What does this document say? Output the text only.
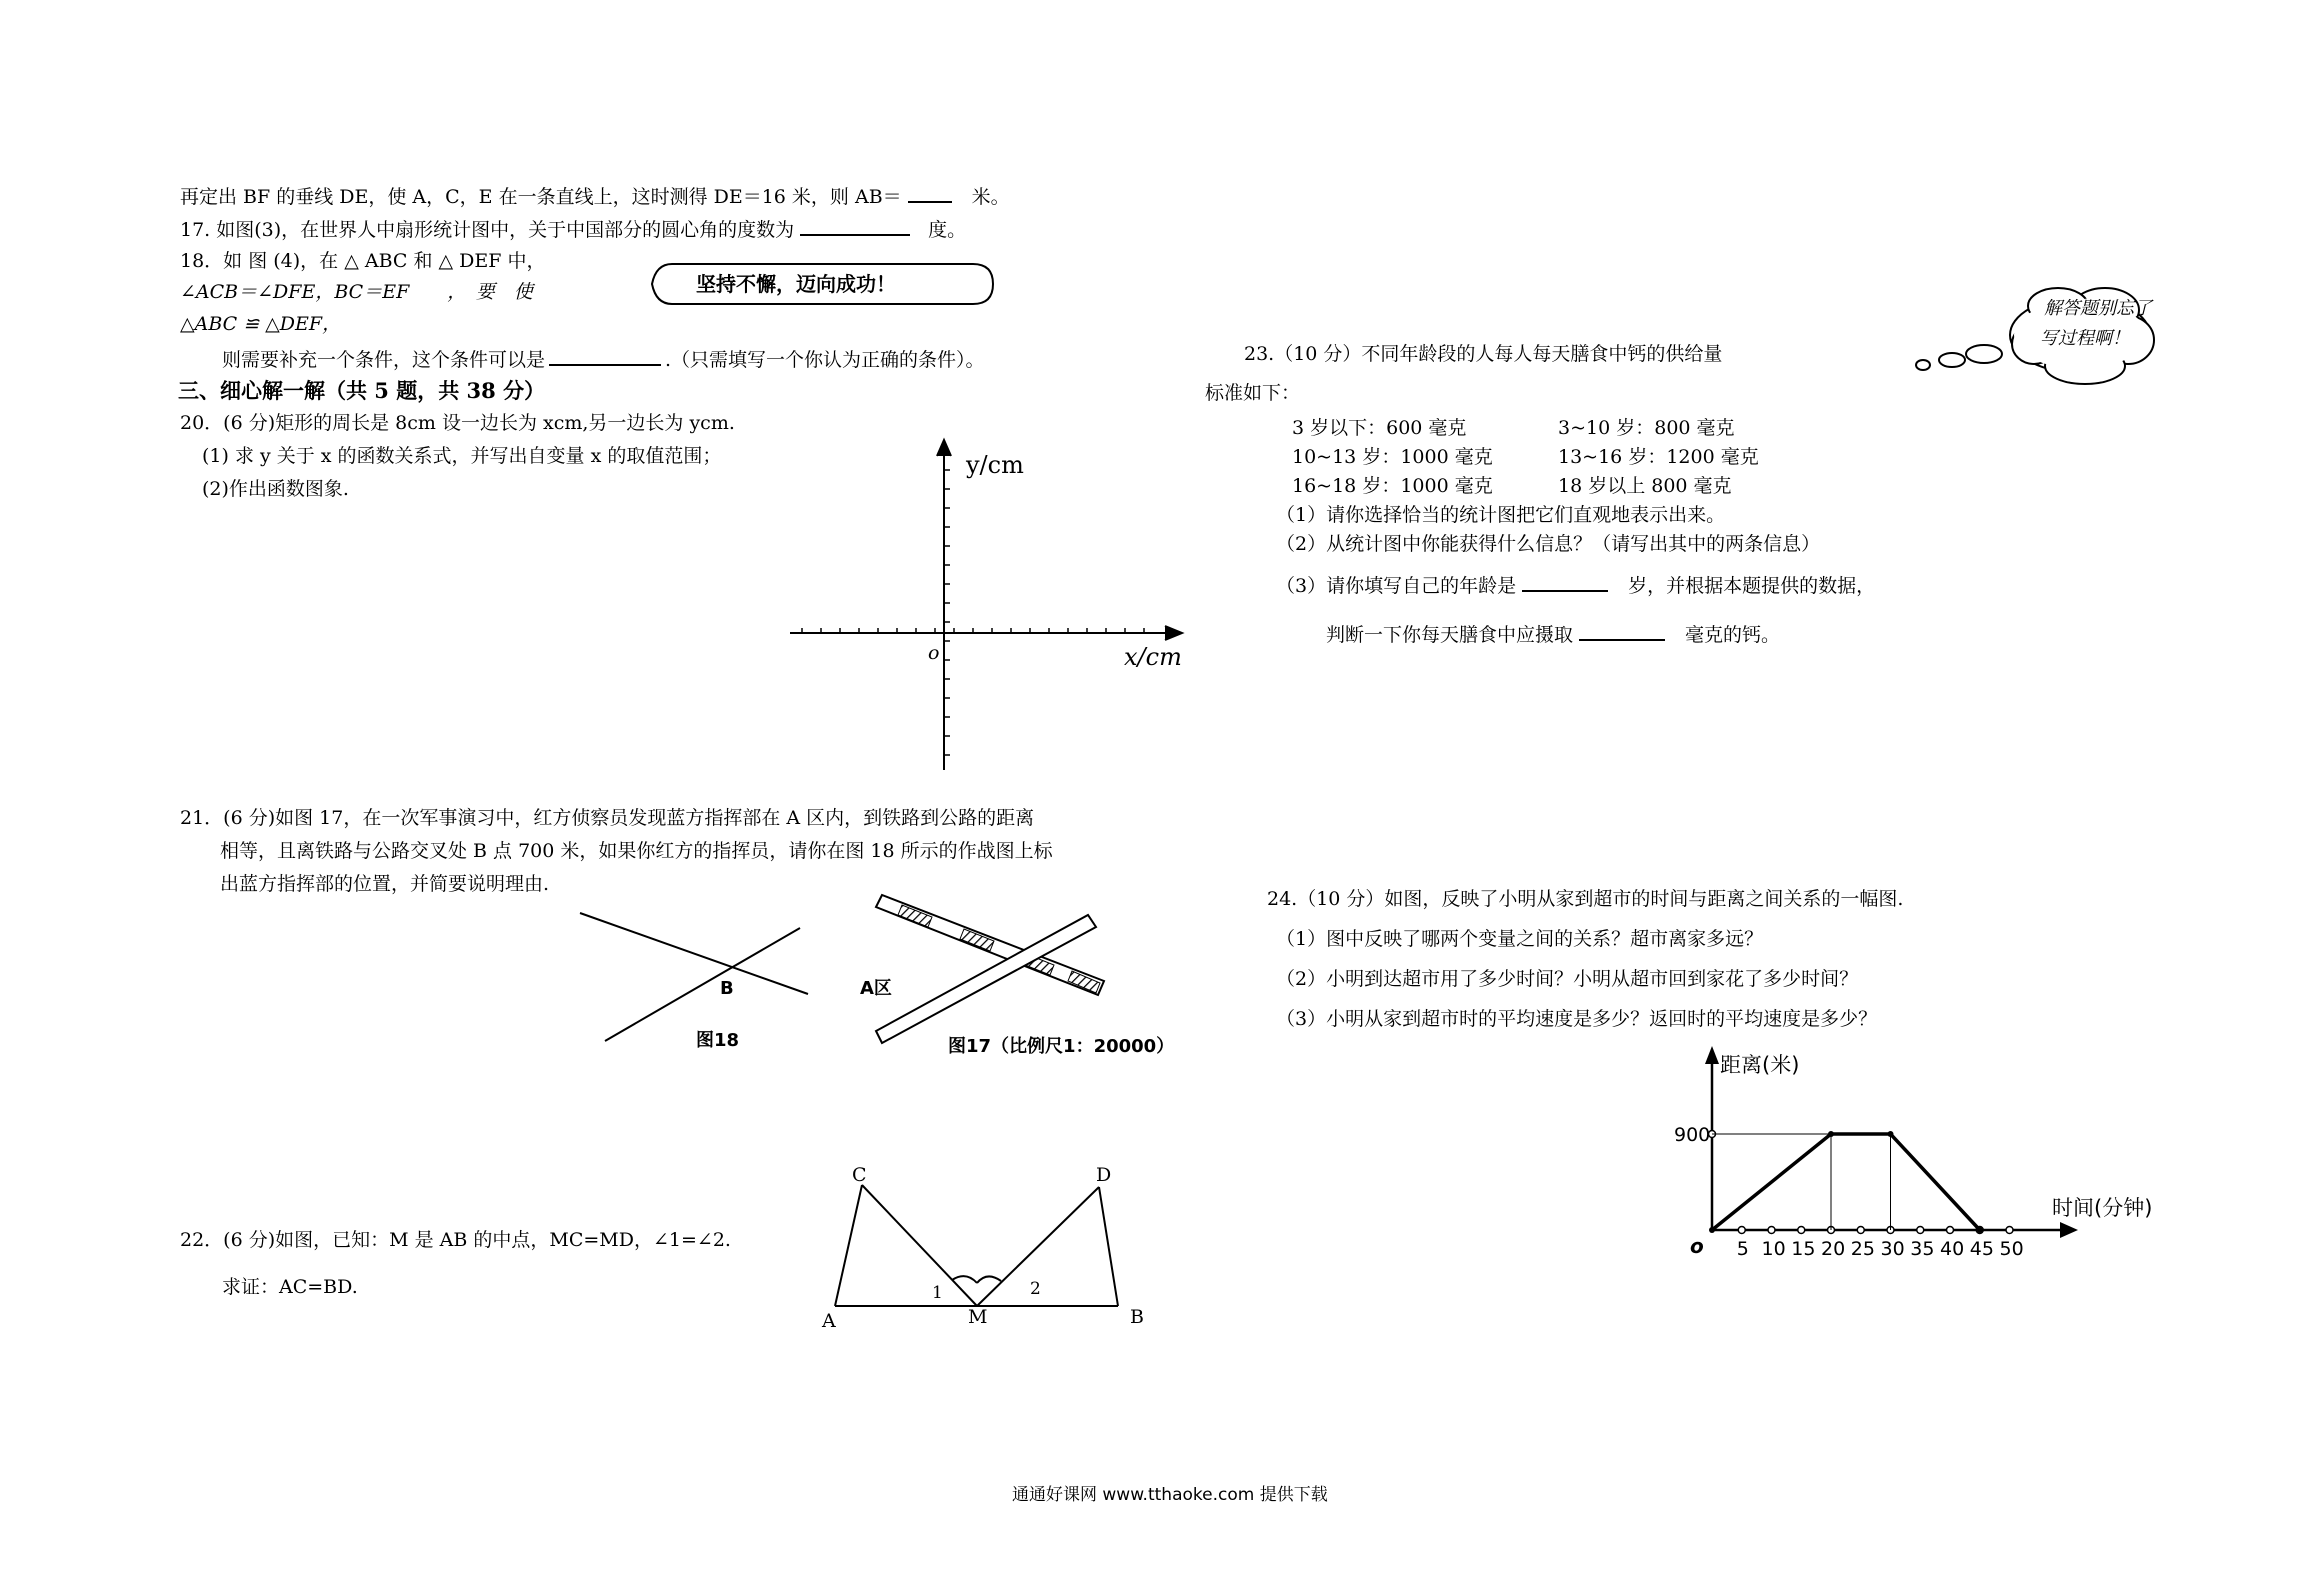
再定出 BF 的垂线 DE，使 A，C，E 在一条直线上，这时测得 DE＝16 米，则 AB＝	米。
17. 如图(3)，在世界人中扇形统计图中，关于中国部分的圆心角的度数为	度。
18．如 图 (4)，在 △ ABC 和 △ DEF 中，
∠ACB＝∠DFE，BC＝EF　　，　要　使	坚持不懈，迈向成功！
△ABC ≌ △DEF，
则需要补充一个条件，这个条件可以是	.（只需填写一个你认为正确的条件）。
三、细心解一解（共 5 题，共 38 分）
20．(6 分)矩形的周长是 8cm 设一边长为 xcm,另一边长为 ycm.
(1) 求 y 关于 x 的函数关系式，并写出自变量 x 的取值范围；
(2)作出函数图象.
y/cm
x/cm
o
21．(6 分)如图 17，在一次军事演习中，红方侦察员发现蓝方指挥部在 A 区内，到铁路到公路的距离
相等，且离铁路与公路交叉处 B 点 700 米，如果你红方的指挥员，请你在图 18 所示的作战图上标
出蓝方指挥部的位置，并简要说明理由.
B
图18
A区
图17（比例尺1：20000）
22．(6 分)如图，已知：M 是 AB 的中点，MC=MD，∠1=∠2.
求证：AC=BD.
C	D
A	M	B
1	2
解答题别忘了
写过程啊！
23.（10 分）不同年龄段的人每人每天膳食中钙的供给量
标准如下：
3 岁以下：600 毫克	3~10 岁：800 毫克
10~13 岁：1000 毫克	13~16 岁：1200 毫克
16~18 岁：1000 毫克	18 岁以上 800 毫克
（1）请你选择恰当的统计图把它们直观地表示出来。
（2）从统计图中你能获得什么信息？（请写出其中的两条信息）
（3）请你填写自己的年龄是	岁，并根据本题提供的数据，
判断一下你每天膳食中应摄取	毫克的钙。
24.（10 分）如图，反映了小明从家到超市的时间与距离之间关系的一幅图.
（1）图中反映了哪两个变量之间的关系？超市离家多远？
（2）小明到达超市用了多少时间？小明从超市回到家花了多少时间？
（3）小明从家到超市时的平均速度是多少？返回时的平均速度是多少？
时间(分钟)
距离(米)
o 5 10 15 20 25 30 35 40 45 50
900
通通好课网 www.tthaoke.com 提供下载
